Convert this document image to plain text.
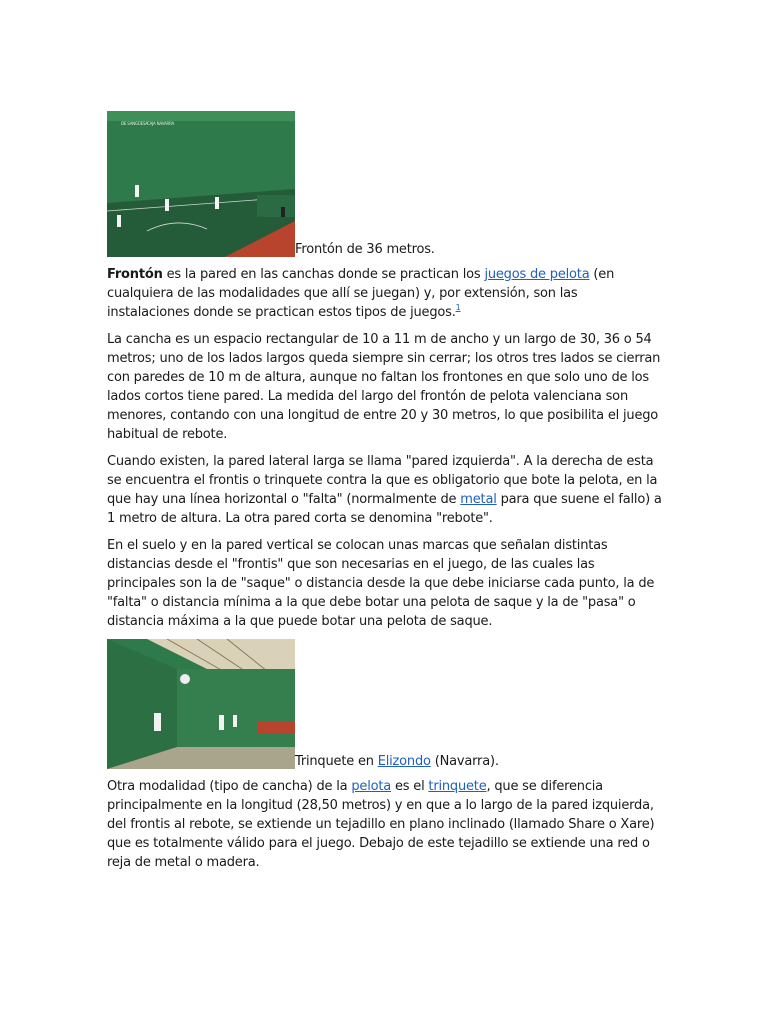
DE SANGÜESA CAJA NAVARRA
Frontón de 36 metros.

Frontón es la pared en las canchas donde se practican los juegos de pelota (en cualquiera de las modalidades que allí se juegan) y, por extensión, son las instalaciones donde se practican estos tipos de juegos.$^1$

La cancha es un espacio rectangular de 10 a 11 m de ancho y un largo de 30, 36 o 54 metros; uno de los lados largos queda siempre sin cerrar; los otros tres lados se cierran con paredes de 10 m de altura, aunque no faltan los frontones en que solo uno de los lados cortos tiene pared. La medida del largo del frontón de pelota valenciana son menores, contando con una longitud de entre 20 y 30 metros, lo que posibilita el juego habitual de rebote.

Cuando existen, la pared lateral larga se llama "pared izquierda". A la derecha de esta se encuentra el frontis o trinquete contra la que es obligatorio que bote la pelota, en la que hay una línea horizontal o "falta" (normalmente de metal para que suene el fallo) a 1 metro de altura. La otra pared corta se denomina "rebote".

En el suelo y en la pared vertical se colocan unas marcas que señalan distintas distancias desde el "frontis" que son necesarias en el juego, de las cuales las principales son la de "saque" o distancia desde la que debe iniciarse cada punto, la de "falta" o distancia mínima a la que debe botar una pelota de saque y la de "pasa" o distancia máxima a la que puede botar una pelota de saque.

Trinquete en Elizondo (Navarra).

Otra modalidad (tipo de cancha) de la pelota es el trinquete, que se diferencia principalmente en la longitud (28,50 metros) y en que a lo largo de la pared izquierda, del frontis al rebote, se extiende un tejadillo en plano inclinado (llamado Share o Xare) que es totalmente válido para el juego. Debajo de este tejadillo se extiende una red o reja de metal o madera.
